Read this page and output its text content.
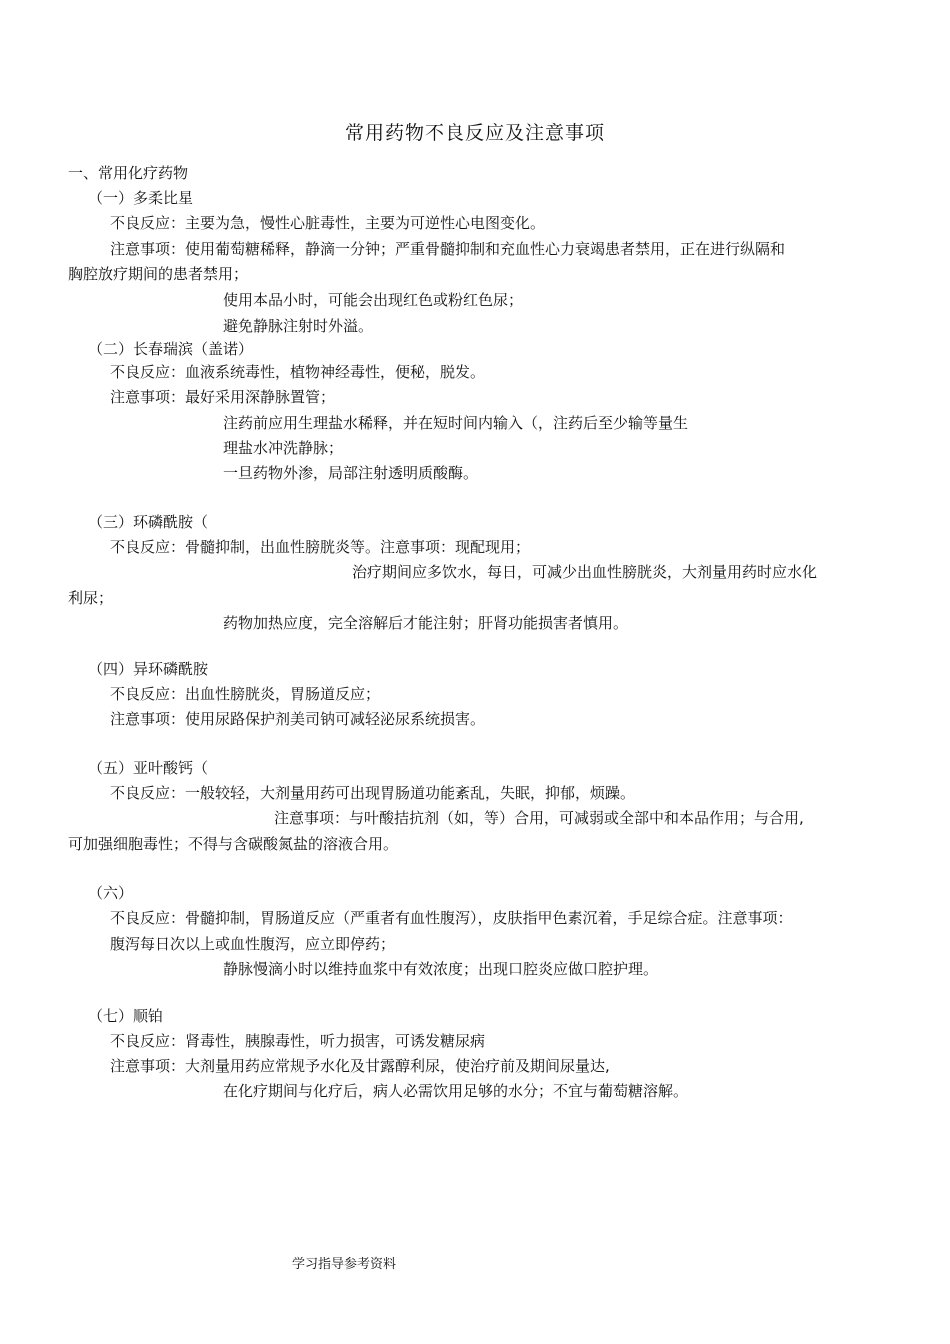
常用药物不良反应及注意事项
一、常用化疗药物
（一）多柔比星
不良反应：主要为急，慢性心脏毒性，主要为可逆性心电图变化。
注意事项：使用葡萄糖稀释，静滴一分钟；严重骨髓抑制和充血性心力衰竭患者禁用，正在进行纵隔和
胸腔放疗期间的患者禁用；
使用本品小时，可能会出现红色或粉红色尿；
避免静脉注射时外溢。
（二）长春瑞滨（盖诺）
不良反应：血液系统毒性，植物神经毒性，便秘，脱发。
注意事项：最好采用深静脉置管；
注药前应用生理盐水稀释，并在短时间内输入（，注药后至少输等量生
理盐水冲洗静脉；
一旦药物外渗，局部注射透明质酸酶。
（三）环磷酰胺（
不良反应：骨髓抑制，出血性膀胱炎等。注意事项：现配现用；
治疗期间应多饮水，每日，可减少出血性膀胱炎，大剂量用药时应水化
利尿；
药物加热应度，完全溶解后才能注射；肝肾功能损害者慎用。
（四）异环磷酰胺
不良反应：出血性膀胱炎，胃肠道反应；
注意事项：使用尿路保护剂美司钠可减轻泌尿系统损害。
（五）亚叶酸钙（
不良反应：一般较轻，大剂量用药可出现胃肠道功能紊乱，失眠，抑郁，烦躁。
注意事项：与叶酸拮抗剂（如，等）合用，可减弱或全部中和本品作用；与合用,
可加强细胞毒性；不得与含碳酸氮盐的溶液合用。
（六）
不良反应：骨髓抑制，胃肠道反应（严重者有血性腹泻），皮肤指甲色素沉着，手足综合症。注意事项：
腹泻每日次以上或血性腹泻，应立即停药；
静脉慢滴小时以维持血浆中有效浓度；出现口腔炎应做口腔护理。
（七）顺铂
不良反应：肾毒性，胰腺毒性，听力损害，可诱发糖尿病
注意事项：大剂量用药应常规予水化及甘露醇利尿，使治疗前及期间尿量达,
在化疗期间与化疗后，病人必需饮用足够的水分；不宜与葡萄糖溶解。
学习指导参考资料
